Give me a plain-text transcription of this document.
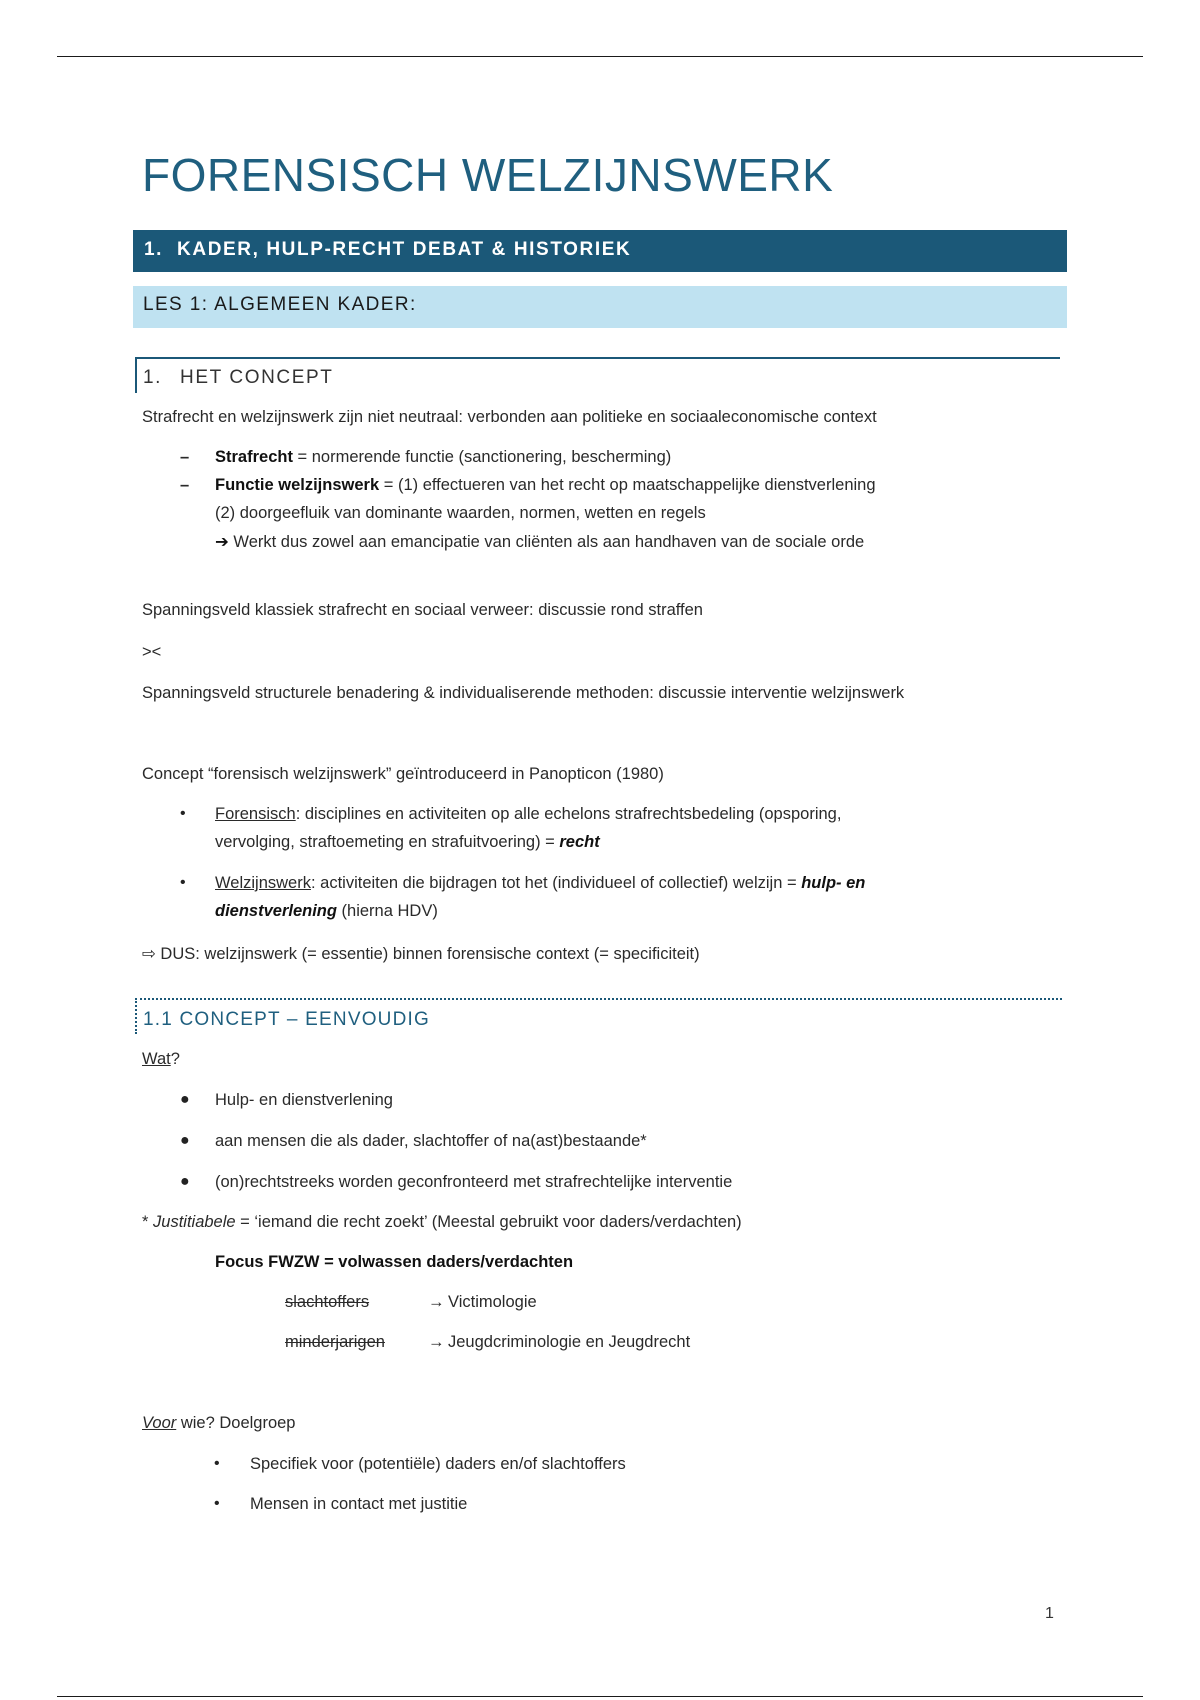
FORENSISCH WELZIJNSWERK
1. KADER, HULP-RECHT DEBAT & HISTORIEK
LES 1: ALGEMEEN KADER:
1. HET CONCEPT
Strafrecht en welzijnswerk zijn niet neutraal: verbonden aan politieke en sociaaleconomische context
– Strafrecht = normerende functie (sanctionering, bescherming)
– Functie welzijnswerk = (1) effectueren van het recht op maatschappelijke dienstverlening
(2) doorgeefluik van dominante waarden, normen, wetten en regels
➔ Werkt dus zowel aan emancipatie van cliënten als aan handhaven van de sociale orde
Spanningsveld klassiek strafrecht en sociaal verweer: discussie rond straffen
><
Spanningsveld structurele benadering & individualiserende methoden: discussie interventie welzijnswerk
Concept “forensisch welzijnswerk” geïntroduceerd in Panopticon (1980)
• Forensisch: disciplines en activiteiten op alle echelons strafrechtsbedeling (opsporing,
vervolging, straftoemeting en strafuitvoering) = recht
• Welzijnswerk: activiteiten die bijdragen tot het (individueel of collectief) welzijn = hulp- en
dienstverlening (hierna HDV)
⇨ DUS: welzijnswerk (= essentie) binnen forensische context (= specificiteit)
1.1 CONCEPT – EENVOUDIG
Wat?
● Hulp- en dienstverlening
● aan mensen die als dader, slachtoffer of na(ast)bestaande*
● (on)rechtstreeks worden geconfronteerd met strafrechtelijke interventie
* Justitiabele = ‘iemand die recht zoekt’ (Meestal gebruikt voor daders/verdachten)
Focus FWZW = volwassen daders/verdachten
slachtoffers	→ Victimologie
minderjarigen	→ Jeugdcriminologie en Jeugdrecht
Voor wie? Doelgroep
• Specifiek voor (potentiële) daders en/of slachtoffers
• Mensen in contact met justitie
1
